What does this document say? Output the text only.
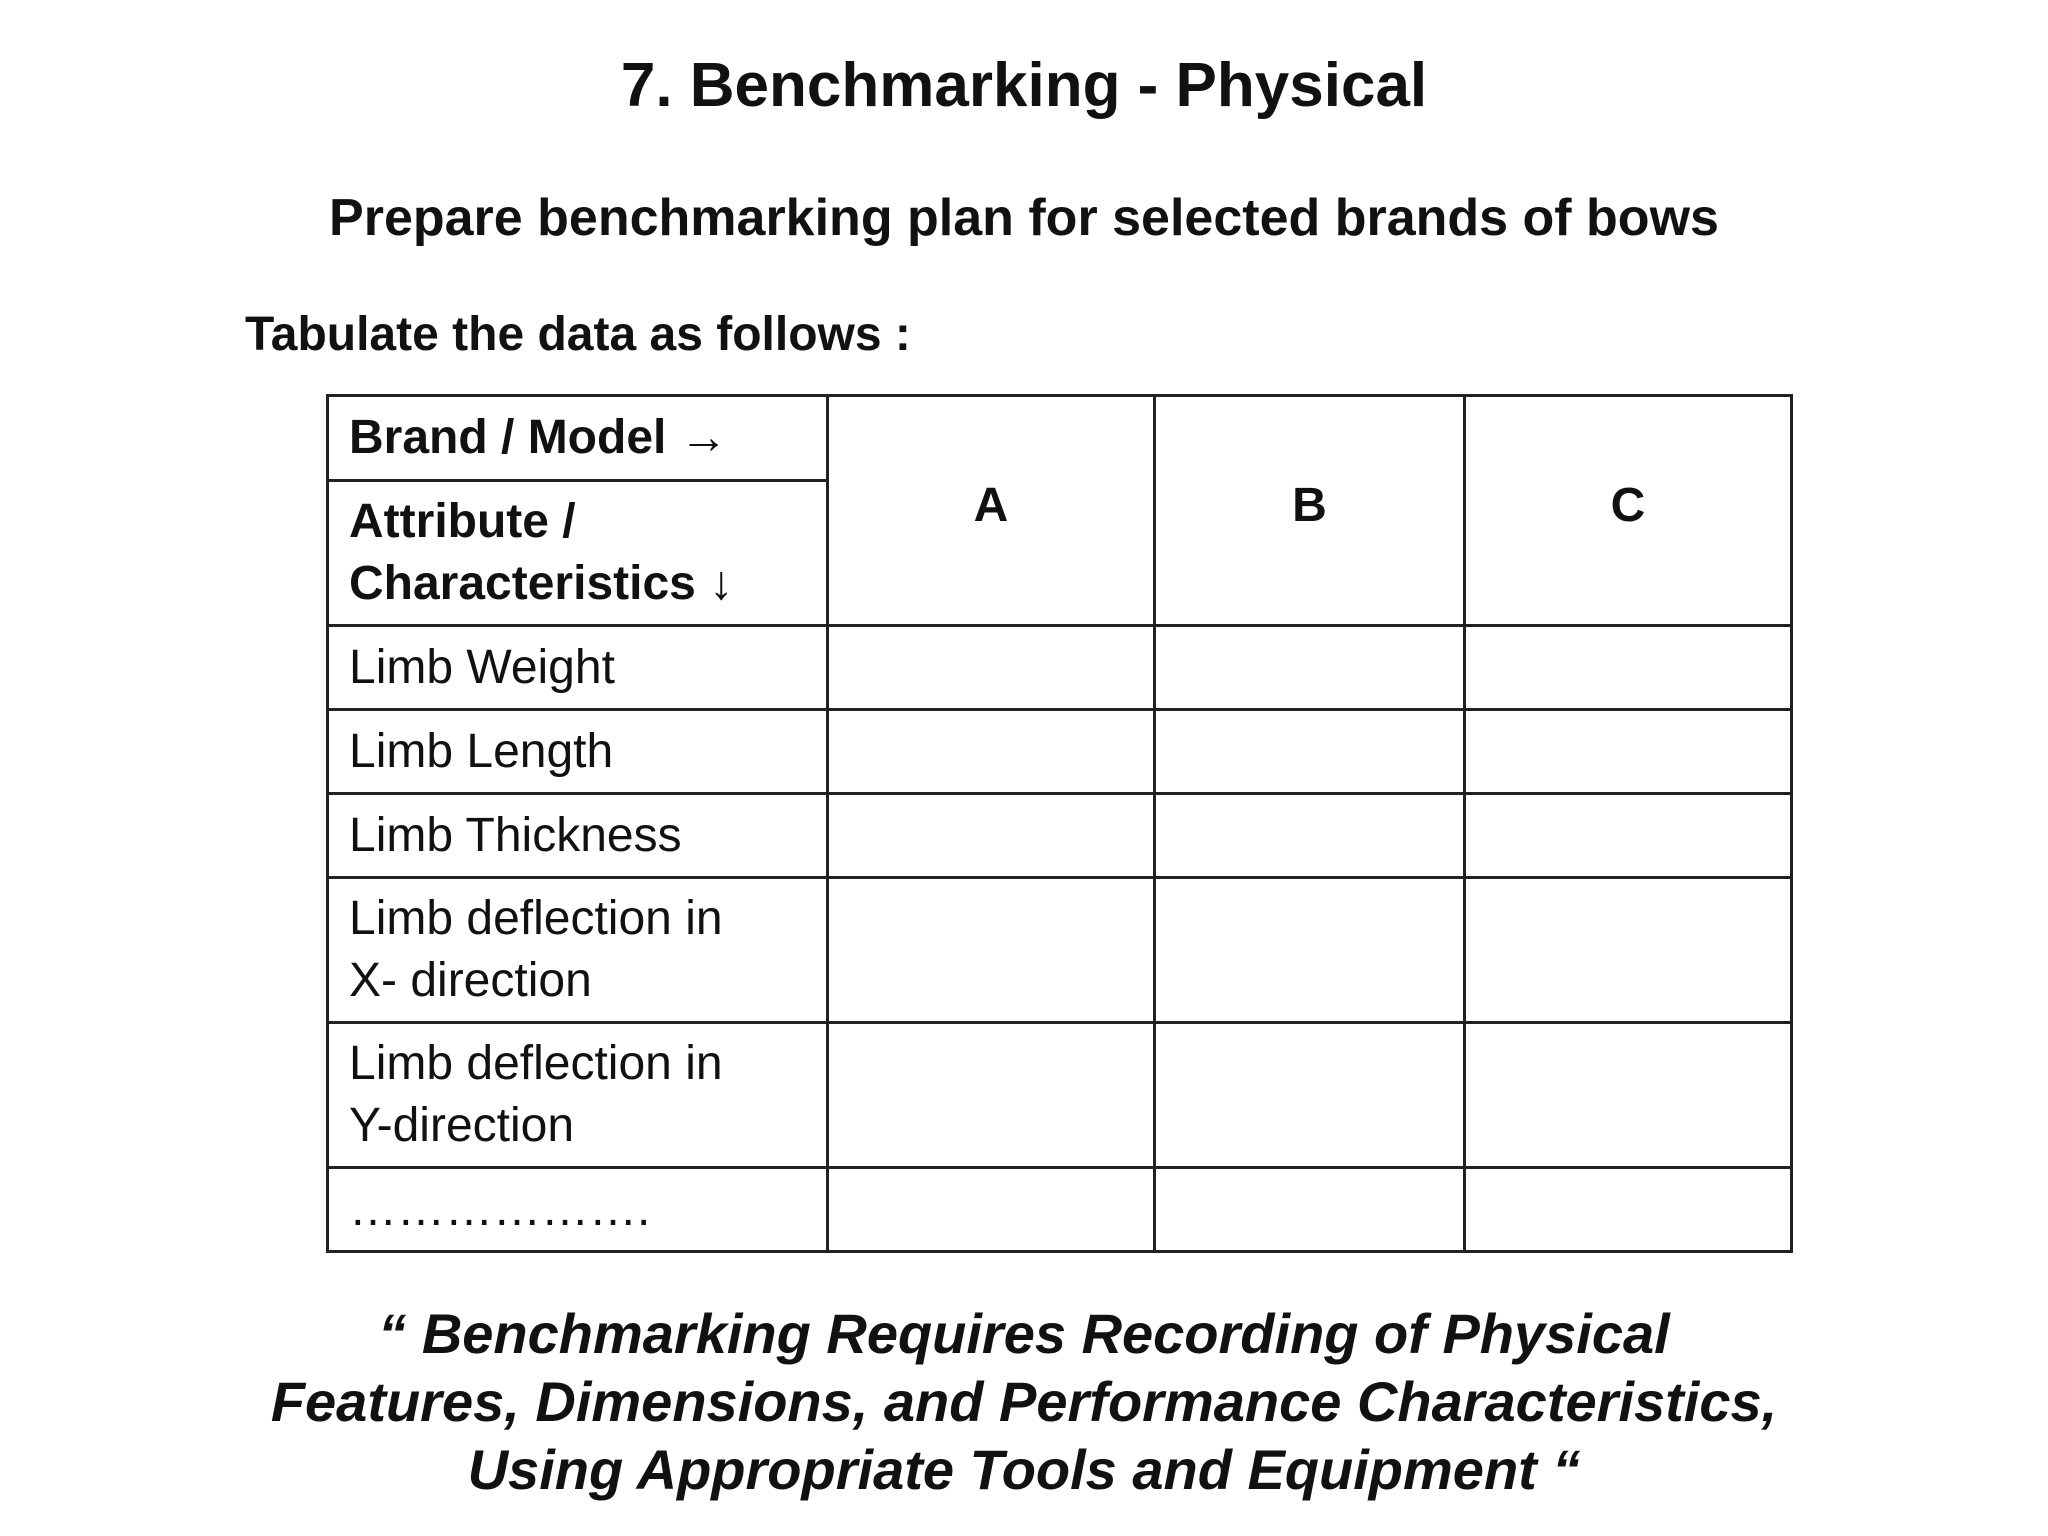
7. Benchmarking - Physical
Prepare benchmarking plan for selected brands of bows

Tabulate the data as follows :

Brand / Model →	A	B	C

Attribute /
Characteristics ↓			

Limb Weight			

Limb Length			

Limb Thickness			

Limb deflection in
X- direction			

Limb deflection in
Y-direction			

……………….			

“ Benchmarking Requires Recording of Physical
Features, Dimensions, and Performance Characteristics,
Using Appropriate Tools and Equipment “
